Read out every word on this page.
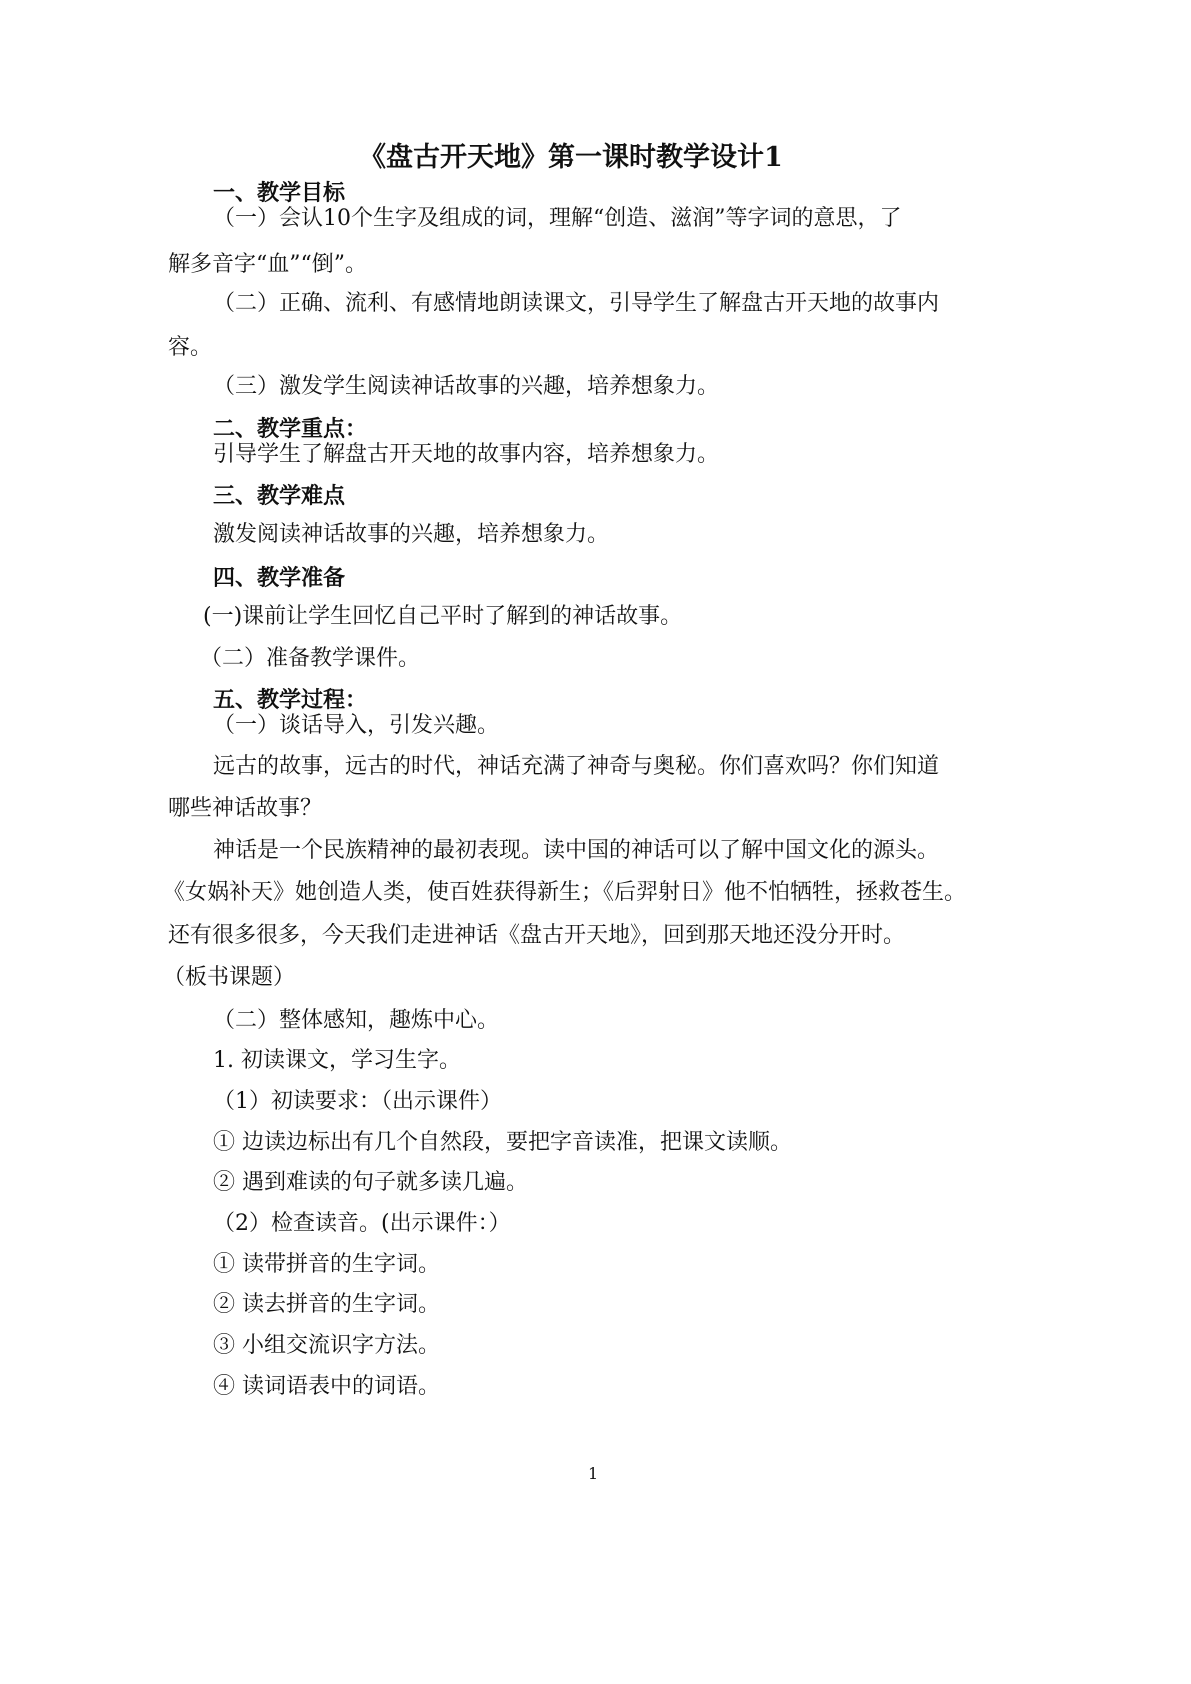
《盘古开天地》第一课时教学设计1
一、教学目标
（一）会认10个生字及组成的词，理解“创造、滋润”等字词的意思，了
解多音字“血”“倒”。
（二）正确、流利、有感情地朗读课文，引导学生了解盘古开天地的故事内
容。
（三）激发学生阅读神话故事的兴趣，培养想象力。
二、教学重点：
引导学生了解盘古开天地的故事内容，培养想象力。
三、教学难点
激发阅读神话故事的兴趣，培养想象力。
四、教学准备
(一)课前让学生回忆自己平时了解到的神话故事。
（二）准备教学课件。
五、教学过程：
（一）谈话导入，引发兴趣。
远古的故事，远古的时代，神话充满了神奇与奥秘。你们喜欢吗？你们知道
哪些神话故事？
神话是一个民族精神的最初表现。读中国的神话可以了解中国文化的源头。
《女娲补天》她创造人类，使百姓获得新生；《后羿射日》他不怕牺牲，拯救苍生。
还有很多很多，今天我们走进神话《盘古开天地》，回到那天地还没分开时。
（板书课题）
（二）整体感知，趣炼中心。
1. 初读课文，学习生字。
（1）初读要求：（出示课件）
① 边读边标出有几个自然段，要把字音读准，把课文读顺。
② 遇到难读的句子就多读几遍。
（2）检查读音。(出示课件：）
① 读带拼音的生字词。
② 读去拼音的生字词。
③ 小组交流识字方法。
④ 读词语表中的词语。
1
